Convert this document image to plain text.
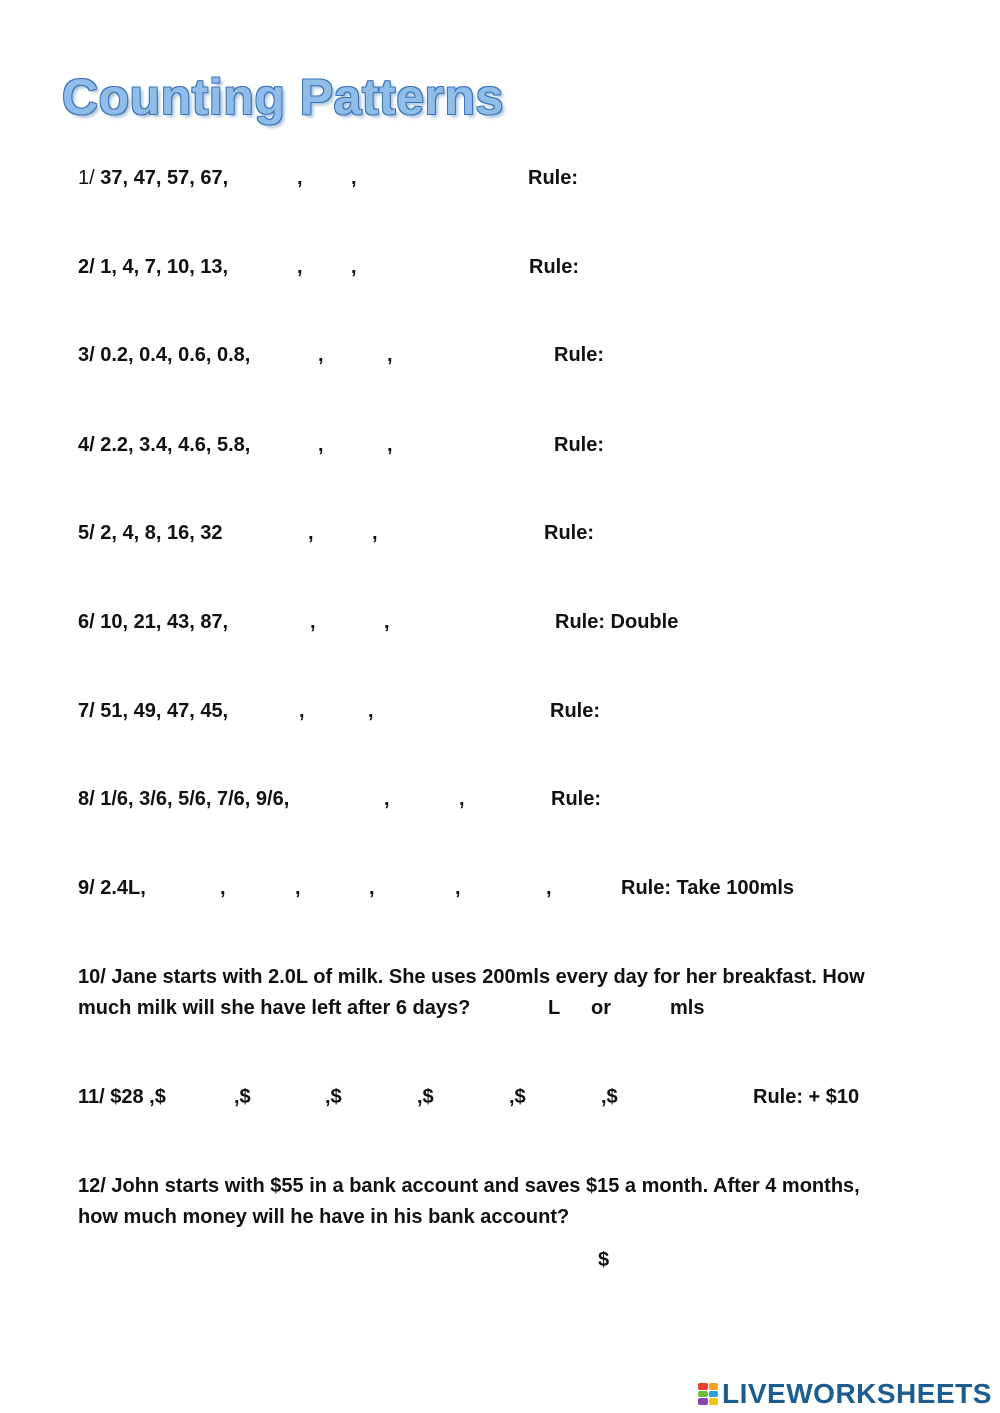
Counting Patterns
1/ 37, 47, 57, 67,	, ,	Rule:
2/ 1, 4, 7, 10, 13,	, ,	Rule:
3/ 0.2, 0.4, 0.6, 0.8,	,	,	Rule:
4/ 2.2, 3.4, 4.6, 5.8,	,	,	Rule:
5/ 2, 4, 8, 16, 32	,	,	Rule:
6/ 10, 21, 43, 87,	,	,	Rule: Double
7/ 51, 49, 47, 45,	,	,	Rule:
8/ 1/6, 3/6, 5/6, 7/6, 9/6,	,	,	Rule:
9/ 2.4L,	,	,	,	,	,	Rule: Take 100mls
10/ Jane starts with 2.0L of milk. She uses 200mls every day for her breakfast. How
much milk will she have left after 6 days?	L or	mls
11/ $28 ,$	,$	,$	,$	,$	,$	Rule: + $10
12/ John starts with $55 in a bank account and saves $15 a month. After 4 months,
how much money will he have in his bank account?
$
LIVEWORKSHEETS
